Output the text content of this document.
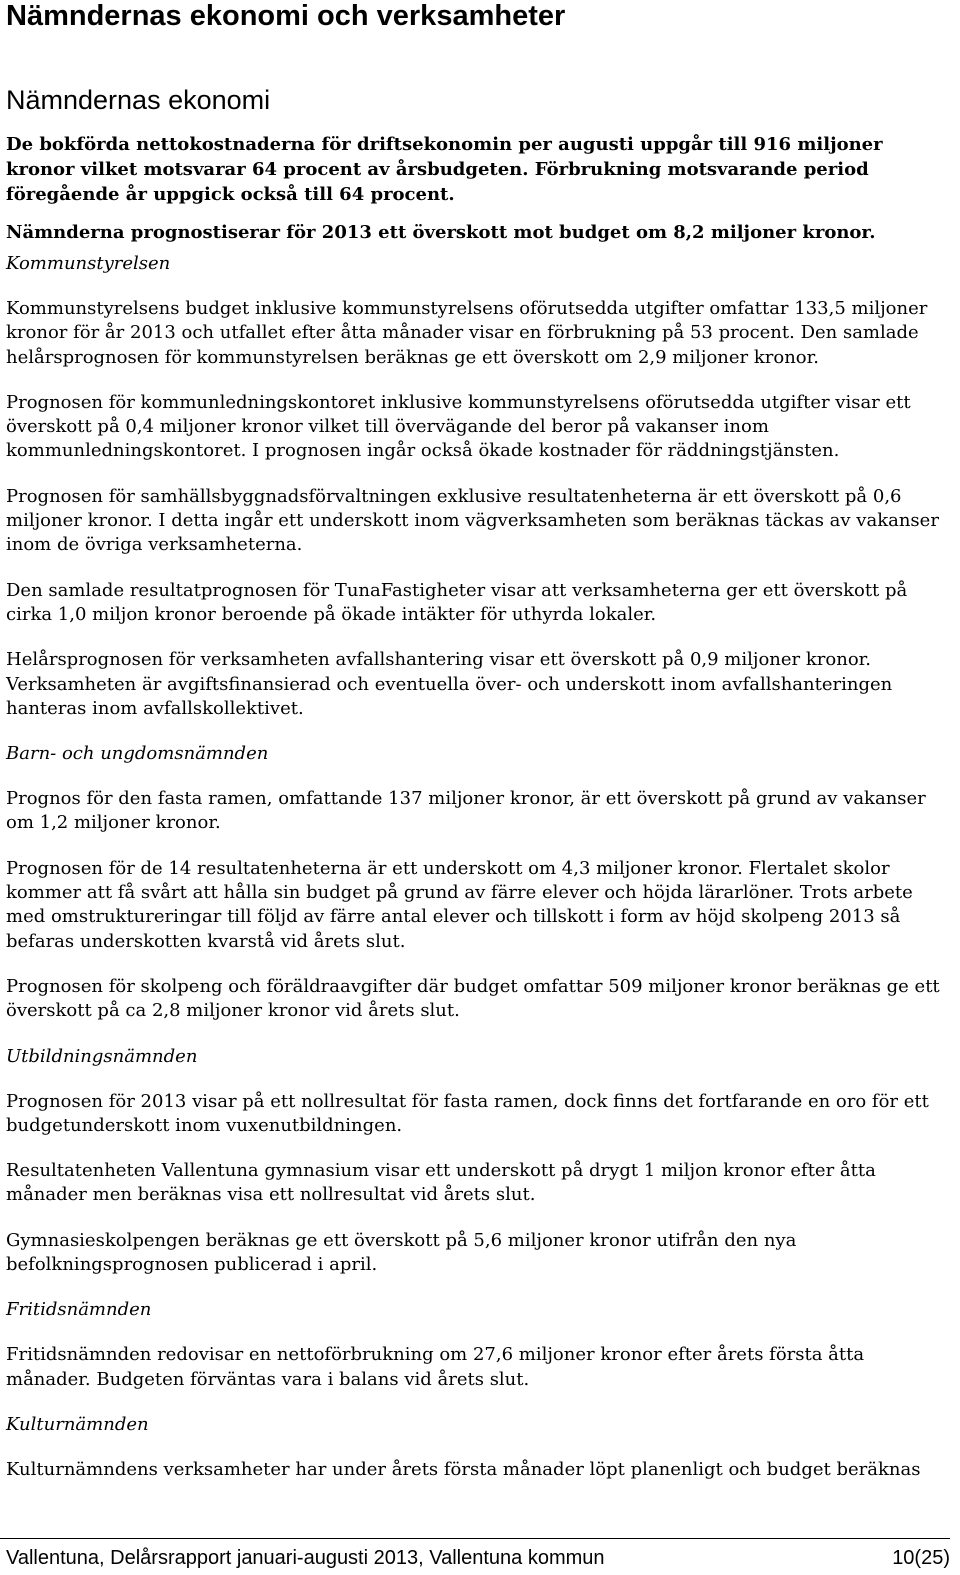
Nämndernas ekonomi och verksamheter
Nämndernas ekonomi

De bokförda nettokostnaderna för driftsekonomin per augusti uppgår till 916 miljoner kronor vilket motsvarar 64 procent av årsbudgeten. Förbrukning motsvarande period föregående år uppgick också till 64 procent.

Nämnderna prognostiserar för 2013 ett överskott mot budget om 8,2 miljoner kronor.

Kommunstyrelsen

Kommunstyrelsens budget inklusive kommunstyrelsens oförutsedda utgifter omfattar 133,5 miljoner kronor för år 2013 och utfallet efter åtta månader visar en förbrukning på 53 procent. Den samlade helårsprognosen för kommunstyrelsen beräknas ge ett överskott om 2,9 miljoner kronor.

Prognosen för kommunledningskontoret inklusive kommunstyrelsens oförutsedda utgifter visar ett överskott på 0,4 miljoner kronor vilket till övervägande del beror på vakanser inom kommunledningskontoret. I prognosen ingår också ökade kostnader för räddningstjänsten.

Prognosen för samhällsbyggnadsförvaltningen exklusive resultatenheterna är ett överskott på 0,6 miljoner kronor. I detta ingår ett underskott inom vägverksamheten som beräknas täckas av vakanser inom de övriga verksamheterna.

Den samlade resultatprognosen för TunaFastigheter visar att verksamheterna ger ett överskott på cirka 1,0 miljon kronor beroende på ökade intäkter för uthyrda lokaler.

Helårsprognosen för verksamheten avfallshantering visar ett överskott på 0,9 miljoner kronor. Verksamheten är avgiftsfinansierad och eventuella över- och underskott inom avfallshanteringen hanteras inom avfallskollektivet.

Barn- och ungdomsnämnden

Prognos för den fasta ramen, omfattande 137 miljoner kronor, är ett överskott på grund av vakanser om 1,2 miljoner kronor.

Prognosen för de 14 resultatenheterna är ett underskott om 4,3 miljoner kronor. Flertalet skolor kommer att få svårt att hålla sin budget på grund av färre elever och höjda lärarlöner. Trots arbete med omstruktureringar till följd av färre antal elever och tillskott i form av höjd skolpeng 2013 så befaras underskotten kvarstå vid årets slut.

Prognosen för skolpeng och föräldraavgifter där budget omfattar 509 miljoner kronor beräknas ge ett överskott på ca 2,8 miljoner kronor vid årets slut.

Utbildningsnämnden

Prognosen för 2013 visar på ett nollresultat för fasta ramen, dock finns det fortfarande en oro för ett budgetunderskott inom vuxenutbildningen.

Resultatenheten Vallentuna gymnasium visar ett underskott på drygt 1 miljon kronor efter åtta månader men beräknas visa ett nollresultat vid årets slut.

Gymnasieskolpengen beräknas ge ett överskott på 5,6 miljoner kronor utifrån den nya befolkningsprognosen publicerad i april.

Fritidsnämnden

Fritidsnämnden redovisar en nettoförbrukning om 27,6 miljoner kronor efter årets första åtta månader. Budgeten förväntas vara i balans vid årets slut.

Kulturnämnden

Kulturnämndens verksamheter har under årets första månader löpt planenligt och budget beräknas

Vallentuna, Delårsrapport januari-augusti 2013, Vallentuna kommun	10(25)
